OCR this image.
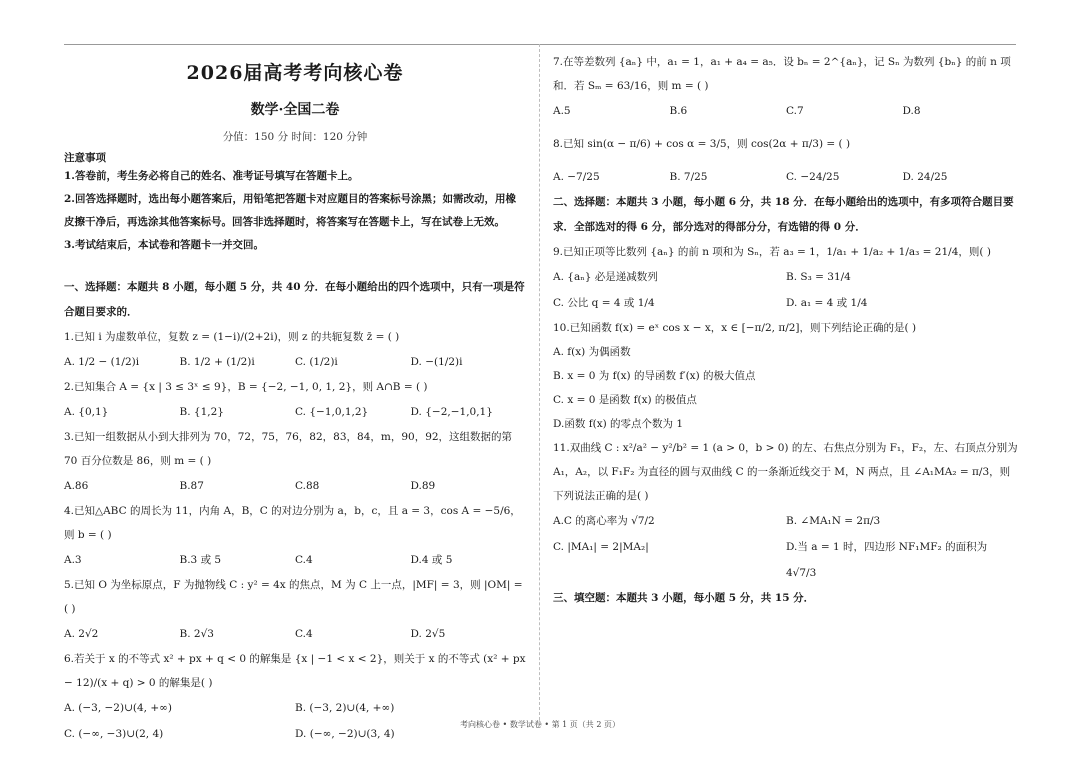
2026届高考考向核心卷
数学·全国二卷
分值：150 分 时间：120 分钟
注意事项
1.答卷前，考生务必将自己的姓名、准考证号填写在答题卡上。
2.回答选择题时，选出每小题答案后，用铅笔把答题卡对应题目的答案标号涂黑；如需改动，用橡皮擦干净后，再选涂其他答案标号。回答非选择题时，将答案写在答题卡上，写在试卷上无效。
3.考试结束后，本试卷和答题卡一并交回。
一、选择题：本题共 8 小题，每小题 5 分，共 40 分．在每小题给出的四个选项中，只有一项是符合题目要求的．
1.已知 i 为虚数单位，复数 z = (1−i)/(2+2i)，则 z 的共轭复数 z̄ = ( )
A. 1/2 − (1/2)i	B. 1/2 + (1/2)i	C. (1/2)i	D. −(1/2)i
2.已知集合 A = {x | 3 ≤ 3ˣ ≤ 9}，B = {−2, −1, 0, 1, 2}，则 A∩B = ( )
A. {0,1}	B. {1,2}	C. {−1,0,1,2}	D. {−2,−1,0,1}
3.已知一组数据从小到大排列为 70，72，75，76，82，83，84，m，90，92，这组数据的第 70 百分位数是 86，则 m = ( )
A.86	B.87	C.88	D.89
4.已知△ABC 的周长为 11，内角 A，B，C 的对边分别为 a，b，c，且 a = 3，cos A = −5/6，则 b = ( )
A.3	B.3 或 5	C.4	D.4 或 5
5.已知 O 为坐标原点，F 为抛物线 C : y² = 4x 的焦点，M 为 C 上一点，|MF| = 3，则 |OM| = ( )
A. 2√2	B. 2√3	C.4	D. 2√5
6.若关于 x 的不等式 x² + px + q < 0 的解集是 {x | −1 < x < 2}，则关于 x 的不等式 (x² + px − 12)/(x + q) > 0 的解集是( )
A. (−3, −2)∪(4, +∞)	B. (−3, 2)∪(4, +∞)
C. (−∞, −3)∪(2, 4)	D. (−∞, −2)∪(3, 4)
7.在等差数列 {aₙ} 中，a₁ = 1，a₁ + a₄ = a₅．设 bₙ = 2^{aₙ}，记 Sₙ 为数列 {bₙ} 的前 n 项和．若 Sₘ = 63/16，则 m = ( )
A.5	B.6	C.7	D.8
8.已知 sin(α − π/6) + cos α = 3/5，则 cos(2α + π/3) = ( )
A. −7/25	B. 7/25	C. −24/25	D. 24/25
二、选择题：本题共 3 小题，每小题 6 分，共 18 分．在每小题给出的选项中，有多项符合题目要求．全部选对的得 6 分，部分选对的得部分分，有选错的得 0 分．
9.已知正项等比数列 {aₙ} 的前 n 项和为 Sₙ，若 a₃ = 1，1/a₁ + 1/a₂ + 1/a₃ = 21/4，则( )
A. {aₙ} 必是递减数列	B. S₃ = 31/4
C. 公比 q = 4 或 1/4	D. a₁ = 4 或 1/4
10.已知函数 f(x) = eˣ cos x − x，x ∈ [−π/2, π/2]，则下列结论正确的是( )
A. f(x) 为偶函数
B. x = 0 为 f(x) 的导函数 f′(x) 的极大值点
C. x = 0 是函数 f(x) 的极值点
D.函数 f(x) 的零点个数为 1
11.双曲线 C : x²/a² − y²/b² = 1 (a > 0，b > 0) 的左、右焦点分别为 F₁，F₂，左、右顶点分别为 A₁，A₂，以 F₁F₂ 为直径的圆与双曲线 C 的一条渐近线交于 M，N 两点，且 ∠A₁MA₂ = π/3，则下列说法正确的是( )
A.C 的离心率为 √7/2	B. ∠MA₁N = 2π/3
C. |MA₁| = 2|MA₂|	D.当 a = 1 时，四边形 NF₁MF₂ 的面积为 4√7/3
三、填空题：本题共 3 小题，每小题 5 分，共 15 分．
考向核心卷 • 数学试卷 • 第 1 页（共 2 页）
